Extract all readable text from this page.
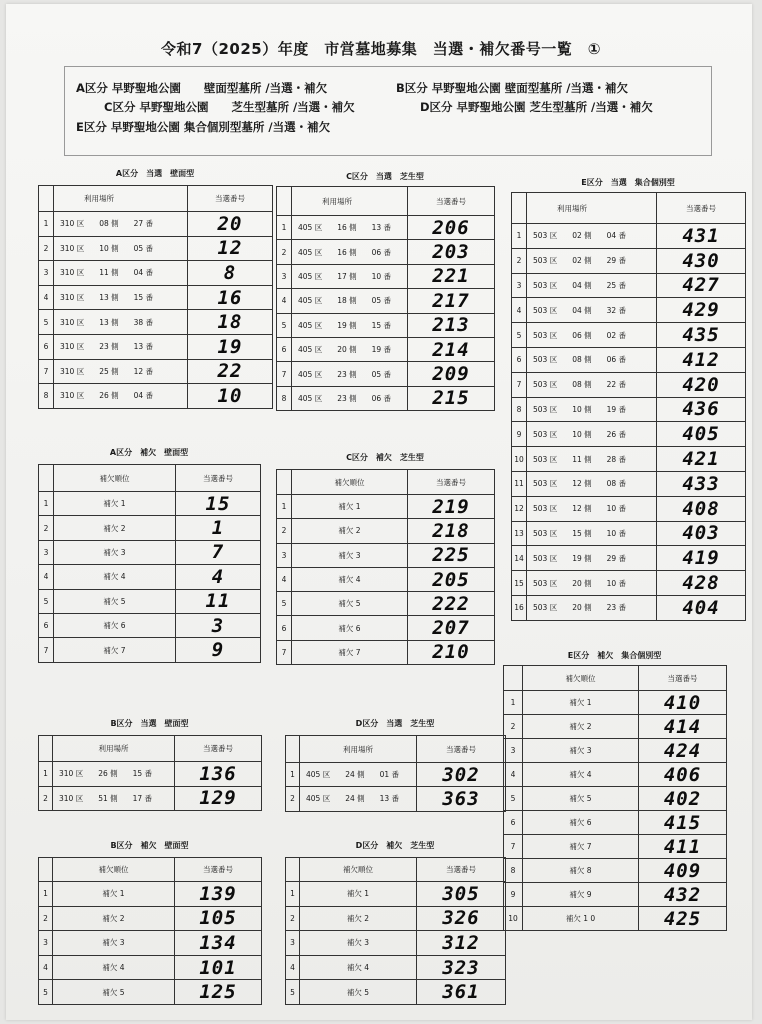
令和7（2025）年度　市営墓地募集　当選・補欠番号一覧　①
A区分 早野聖地公園　　壁面型墓所 /当選・補欠	B区分 早野聖地公園 壁面型墓所 /当選・補欠
C区分 早野聖地公園　　芝生型墓所 /当選・補欠	D区分 早野聖地公園 芝生型墓所 /当選・補欠
E区分 早野聖地公園 集合個別型墓所 /当選・補欠
A区分　当選　壁面型
	利用場所	当選番号
1	310 区　　08 側　　27 番	20
2	310 区　　10 側　　05 番	12
3	310 区　　11 側　　04 番	8
4	310 区　　13 側　　15 番	16
5	310 区　　13 側　　38 番	18
6	310 区　　23 側　　13 番	19
7	310 区　　25 側　　12 番	22
8	310 区　　26 側　　04 番	10
A区分　補欠　壁面型
	補欠順位	当選番号
1	補欠 1	15
2	補欠 2	1
3	補欠 3	7
4	補欠 4	4
5	補欠 5	11
6	補欠 6	3
7	補欠 7	9
C区分　当選　芝生型
	利用場所	当選番号
1	405 区　　16 側　　13 番	206
2	405 区　　16 側　　06 番	203
3	405 区　　17 側　　10 番	221
4	405 区　　18 側　　05 番	217
5	405 区　　19 側　　15 番	213
6	405 区　　20 側　　19 番	214
7	405 区　　23 側　　05 番	209
8	405 区　　23 側　　06 番	215
C区分　補欠　芝生型
	補欠順位	当選番号
1	補欠 1	219
2	補欠 2	218
3	補欠 3	225
4	補欠 4	205
5	補欠 5	222
6	補欠 6	207
7	補欠 7	210
E区分　当選　集合個別型
	利用場所	当選番号
1	503 区　　02 側　　04 番	431
2	503 区　　02 側　　29 番	430
3	503 区　　04 側　　25 番	427
4	503 区　　04 側　　32 番	429
5	503 区　　06 側　　02 番	435
6	503 区　　08 側　　06 番	412
7	503 区　　08 側　　22 番	420
8	503 区　　10 側　　19 番	436
9	503 区　　10 側　　26 番	405
10	503 区　　11 側　　28 番	421
11	503 区　　12 側　　08 番	433
12	503 区　　12 側　　10 番	408
13	503 区　　15 側　　10 番	403
14	503 区　　19 側　　29 番	419
15	503 区　　20 側　　10 番	428
16	503 区　　20 側　　23 番	404
E区分　補欠　集合個別型
	補欠順位	当選番号
1	補欠 1	410
2	補欠 2	414
3	補欠 3	424
4	補欠 4	406
5	補欠 5	402
6	補欠 6	415
7	補欠 7	411
8	補欠 8	409
9	補欠 9	432
10	補欠 1 0	425
B区分　当選　壁面型
	利用場所	当選番号
1	310 区　　26 側　　15 番	136
2	310 区　　51 側　　17 番	129
B区分　補欠　壁面型
	補欠順位	当選番号
1	補欠 1	139
2	補欠 2	105
3	補欠 3	134
4	補欠 4	101
5	補欠 5	125
D区分　当選　芝生型
	利用場所	当選番号
1	405 区　　24 側　　01 番	302
2	405 区　　24 側　　13 番	363
D区分　補欠　芝生型
	補欠順位	当選番号
1	補欠 1	305
2	補欠 2	326
3	補欠 3	312
4	補欠 4	323
5	補欠 5	361
